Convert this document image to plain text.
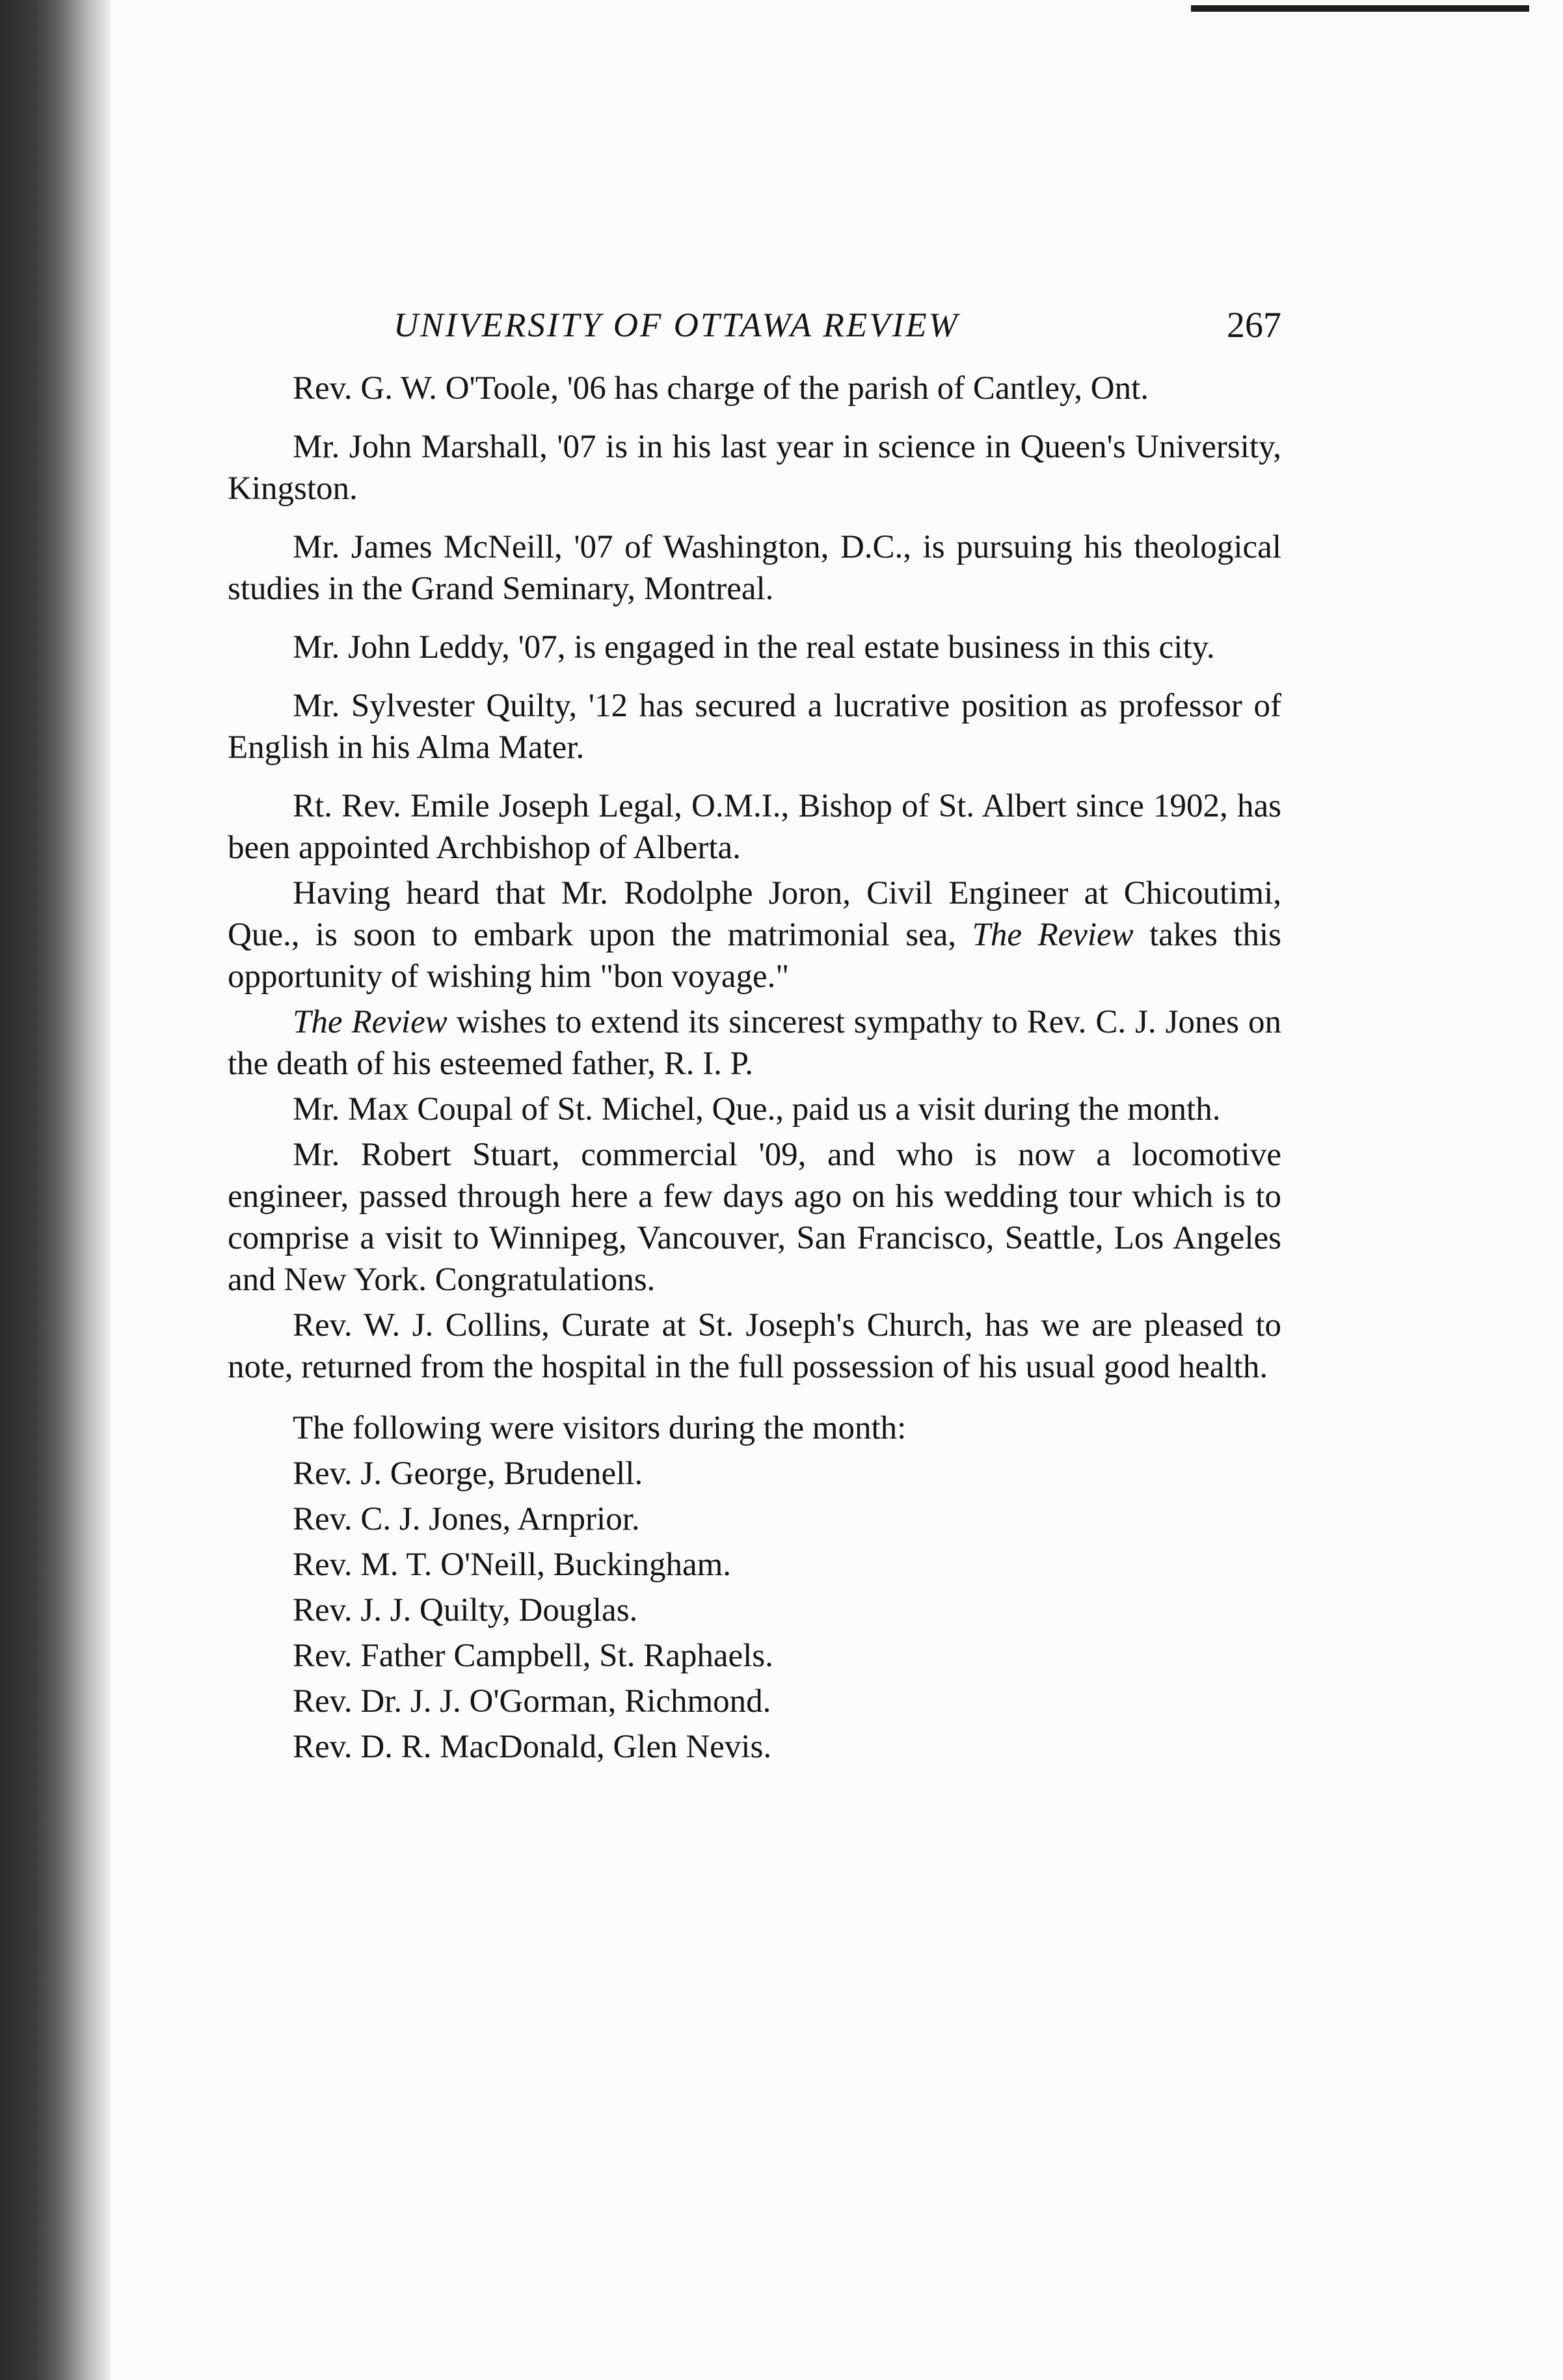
UNIVERSITY OF OTTAWA REVIEW	267

Rev. G. W. O'Toole, '06 has charge of the parish of Cantley, Ont.

Mr. John Marshall, '07 is in his last year in science in Queen's University, Kingston.

Mr. James McNeill, '07 of Washington, D.C., is pursuing his theological studies in the Grand Seminary, Montreal.

Mr. John Leddy, '07, is engaged in the real estate business in this city.

Mr. Sylvester Quilty, '12 has secured a lucrative position as professor of English in his Alma Mater.

Rt. Rev. Emile Joseph Legal, O.M.I., Bishop of St. Albert since 1902, has been appointed Archbishop of Alberta.

Having heard that Mr. Rodolphe Joron, Civil Engineer at Chicoutimi, Que., is soon to embark upon the matrimonial sea, The Review takes this opportunity of wishing him "bon voyage."

The Review wishes to extend its sincerest sympathy to Rev. C. J. Jones on the death of his esteemed father, R. I. P.

Mr. Max Coupal of St. Michel, Que., paid us a visit during the month.

Mr. Robert Stuart, commercial '09, and who is now a locomotive engineer, passed through here a few days ago on his wedding tour which is to comprise a visit to Winnipeg, Vancouver, San Francisco, Seattle, Los Angeles and New York. Congratulations.

Rev. W. J. Collins, Curate at St. Joseph's Church, has we are pleased to note, returned from the hospital in the full possession of his usual good health.

The following were visitors during the month:
Rev. J. George, Brudenell.
Rev. C. J. Jones, Arnprior.
Rev. M. T. O'Neill, Buckingham.
Rev. J. J. Quilty, Douglas.
Rev. Father Campbell, St. Raphaels.
Rev. Dr. J. J. O'Gorman, Richmond.
Rev. D. R. MacDonald, Glen Nevis.
